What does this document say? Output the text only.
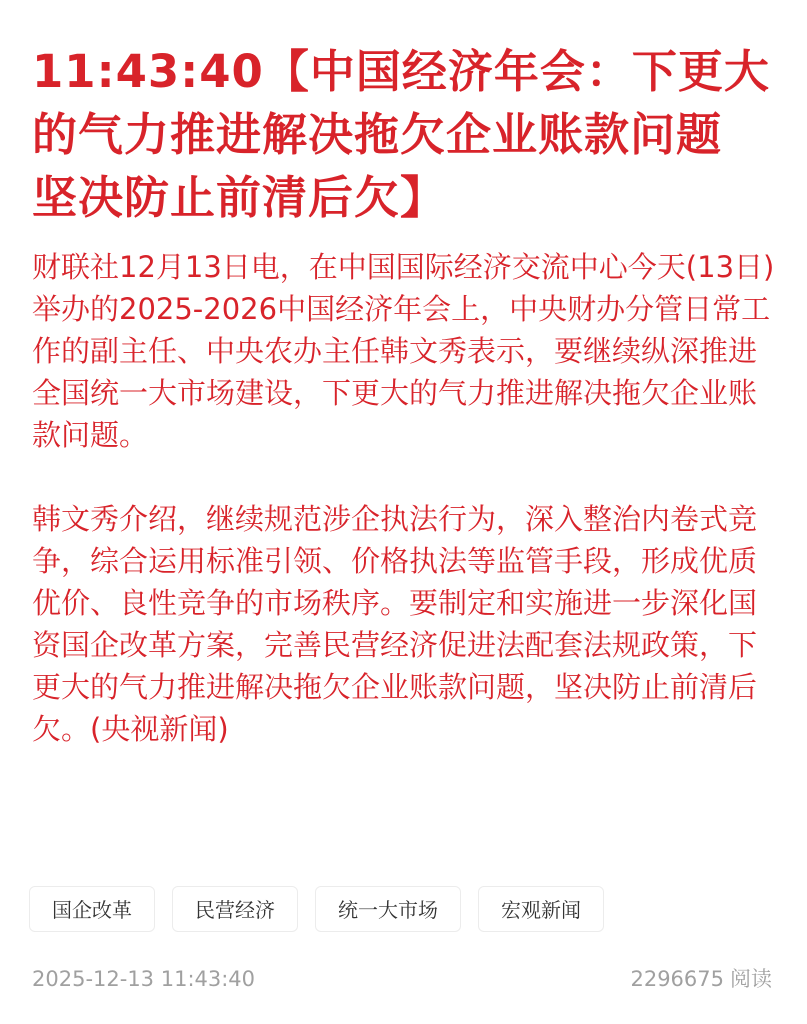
11:43:40【中国经济年会：下更大的气力推进解决拖欠企业账款问题 坚决防止前清后欠】

财联社12月13日电，在中国国际经济交流中心今天(13日)举办的2025-2026中国经济年会上，中央财办分管日常工作的副主任、中央农办主任韩文秀表示，要继续纵深推进全国统一大市场建设，下更大的气力推进解决拖欠企业账款问题。

韩文秀介绍，继续规范涉企执法行为，深入整治内卷式竞争，综合运用标准引领、价格执法等监管手段，形成优质优价、良性竞争的市场秩序。要制定和实施进一步深化国资国企改革方案，完善民营经济促进法配套法规政策，下更大的气力推进解决拖欠企业账款问题，坚决防止前清后欠。(央视新闻)

国企改革	民营经济	统一大市场	宏观新闻
2025-12-13 11:43:40	2296675 阅读
